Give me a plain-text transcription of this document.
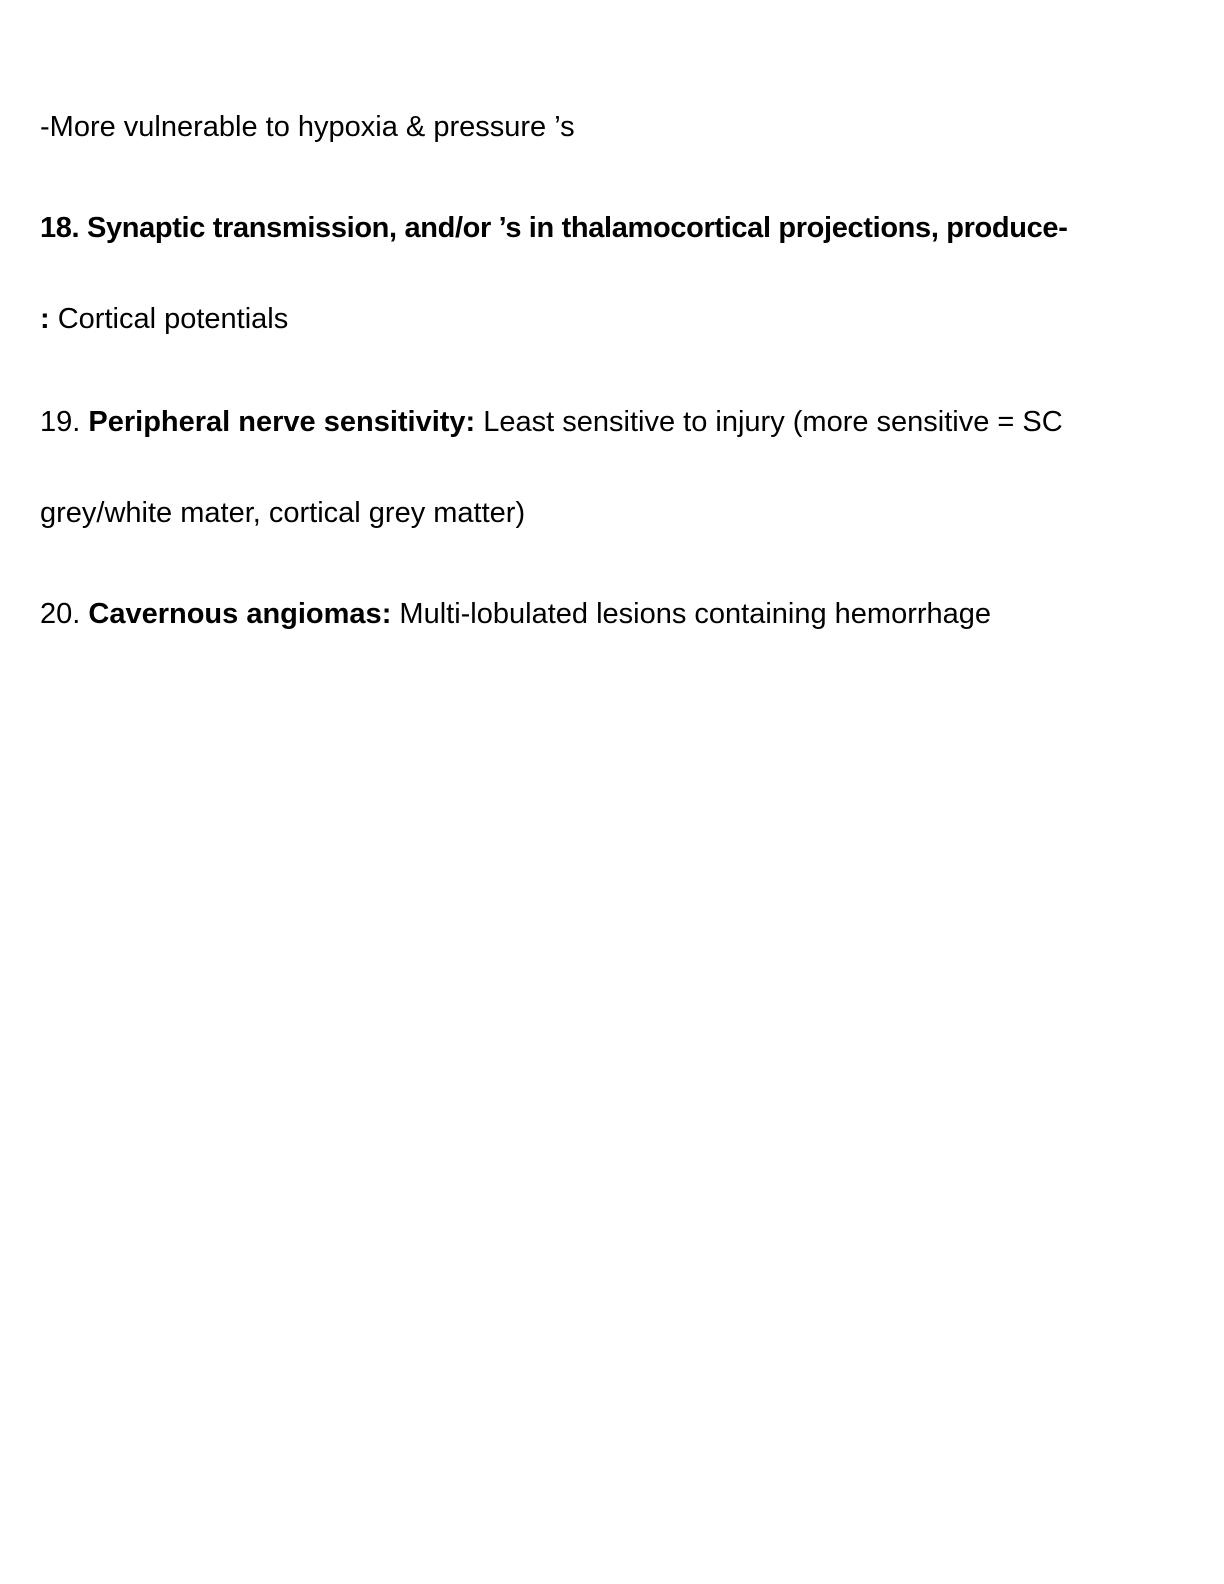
-More vulnerable to hypoxia & pressure ’s
18. Synaptic transmission, and/or ’s in thalamocortical projections, produce-
: Cortical potentials
19. Peripheral nerve sensitivity: Least sensitive to injury (more sensitive = SC
grey/white mater, cortical grey matter)
20. Cavernous angiomas: Multi-lobulated lesions containing hemorrhage
